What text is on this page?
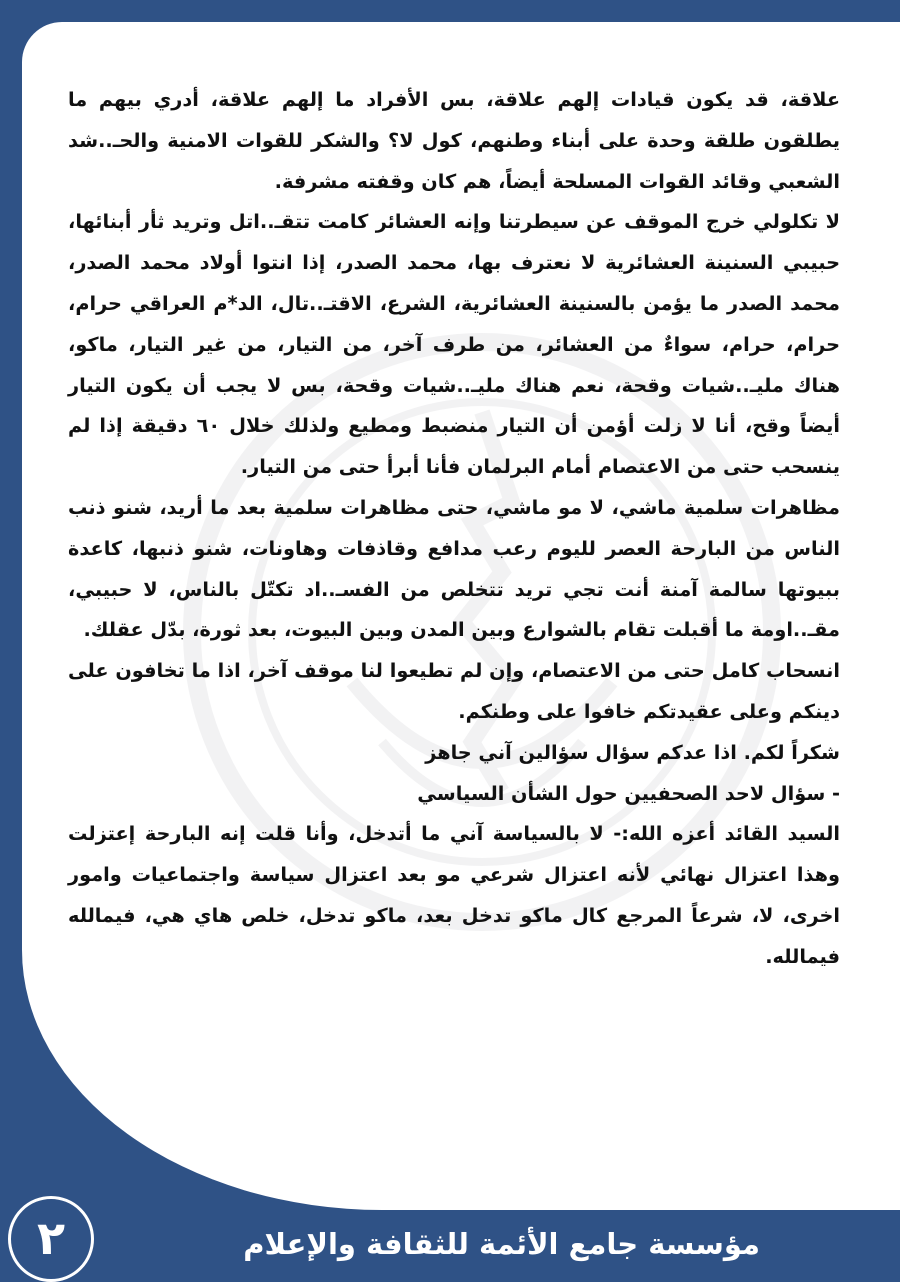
علاقة، قد يكون قيادات إلهم علاقة، بس الأفراد ما إلهم علاقة، أدري بيهم ما يطلقون طلقة وحدة على أبناء وطنهم، كول لا؟ والشكر للقوات الامنية والحـ..شد الشعبي وقائد القوات المسلحة أيضاً، هم كان وقفته مشرفة.

لا تكلولي خرج الموقف عن سيطرتنا وإنه العشائر كامت تتقـ..اتل وتريد ثأر أبنائها، حبيبي السنينة العشائرية لا نعترف بها، محمد الصدر، إذا انتوا أولاد محمد الصدر، محمد الصدر ما يؤمن بالسنينة العشائرية، الشرع، الاقتـ..تال، الد*م العراقي حرام، حرام، حرام، سواءٌ من العشائر، من طرف آخر، من التيار، من غير التيار، ماكو، هناك مليـ..شيات وقحة، نعم هناك مليـ..شيات وقحة، بس لا يجب أن يكون التيار أيضاً وقح، أنا لا زلت أؤمن أن التيار منضبط ومطيع ولذلك خلال ٦٠ دقيقة إذا لم ينسحب حتى من الاعتصام أمام البرلمان فأنا أبرأ حتى من التيار.

مظاهرات سلمية ماشي، لا مو ماشي، حتى مظاهرات سلمية بعد ما أريد، شنو ذنب الناس من البارحة العصر لليوم رعب مدافع وقاذفات وهاونات، شنو ذنبها، كاعدة ببيوتها سالمة آمنة أنت تجي تريد تتخلص من الفسـ..اد تكتّل بالناس، لا حبيبي، مقـ..اومة ما أقبلت تقام بالشوارع وبين المدن وبين البيوت، بعد ثورة، بدّل عقلك.

انسحاب كامل حتى من الاعتصام، وإن لم تطيعوا لنا موقف آخر، اذا ما تخافون على دينكم وعلى عقيدتكم خافوا على وطنكم.

شكراً لكم. اذا عدكم سؤال سؤالين آني جاهز

- سؤال لاحد الصحفيين حول الشأن السياسي

السيد القائد أعزه الله:- لا بالسياسة آني ما أتدخل، وأنا قلت إنه البارحة إعتزلت وهذا اعتزال نهائي لأنه اعتزال شرعي مو بعد اعتزال سياسة واجتماعيات وامور اخرى، لا، شرعاً المرجع كال ماكو تدخل بعد، ماكو تدخل، خلص هاي هي، فيمالله فيمالله.

مؤسسة جامع الأئمة للثقافة والإعلام
٢
